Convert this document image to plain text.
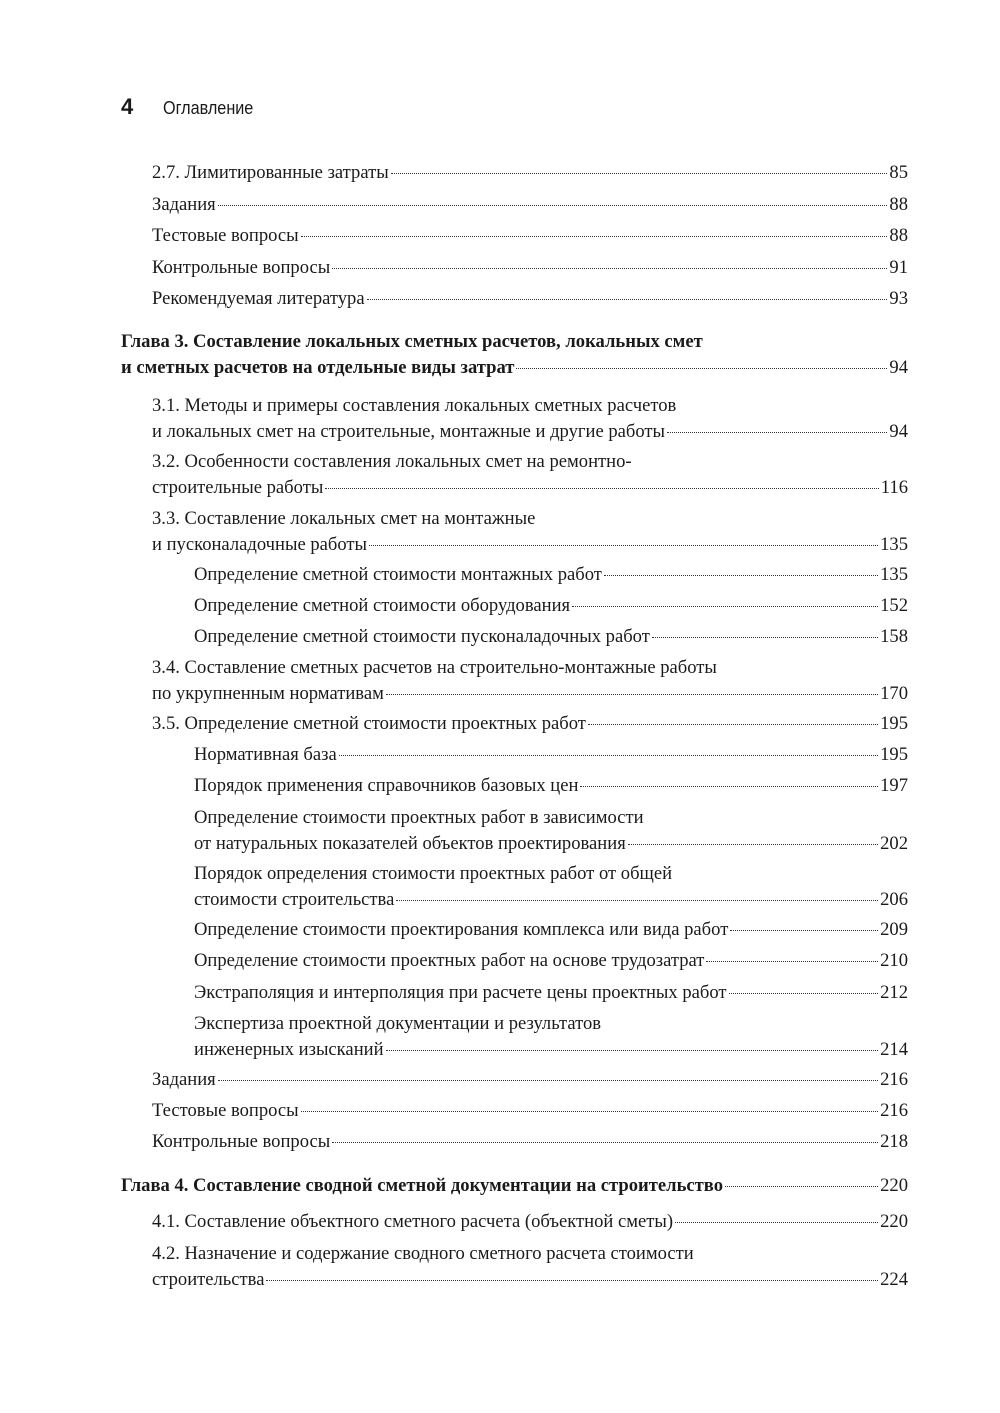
4 Оглавление
2.7. Лимитированные затраты	85
Задания	88
Тестовые вопросы	88
Контрольные вопросы	91
Рекомендуемая литература	93
Глава 3. Составление локальных сметных расчетов, локальных смет
и сметных расчетов на отдельные виды затрат	94
3.1. Методы и примеры составления локальных сметных расчетов
и локальных смет на строительные, монтажные и другие работы	94
3.2. Особенности составления локальных смет на ремонтно-
строительные работы	116
3.3. Составление локальных смет на монтажные
и пусконаладочные работы	135
Определение сметной стоимости монтажных работ	135
Определение сметной стоимости оборудования	152
Определение сметной стоимости пусконаладочных работ	158
3.4. Составление сметных расчетов на строительно-монтажные работы
по укрупненным нормативам	170
3.5. Определение сметной стоимости проектных работ	195
Нормативная база	195
Порядок применения справочников базовых цен	197
Определение стоимости проектных работ в зависимости
от натуральных показателей объектов проектирования	202
Порядок определения стоимости проектных работ от общей
стоимости строительства	206
Определение стоимости проектирования комплекса или вида работ	209
Определение стоимости проектных работ на основе трудозатрат	210
Экстраполяция и интерполяция при расчете цены проектных работ	212
Экспертиза проектной документации и результатов
инженерных изысканий	214
Задания	216
Тестовые вопросы	216
Контрольные вопросы	218
Глава 4. Составление сводной сметной документации на строительство	220
4.1. Составление объектного сметного расчета (объектной сметы)	220
4.2. Назначение и содержание сводного сметного расчета стоимости
строительства	224
